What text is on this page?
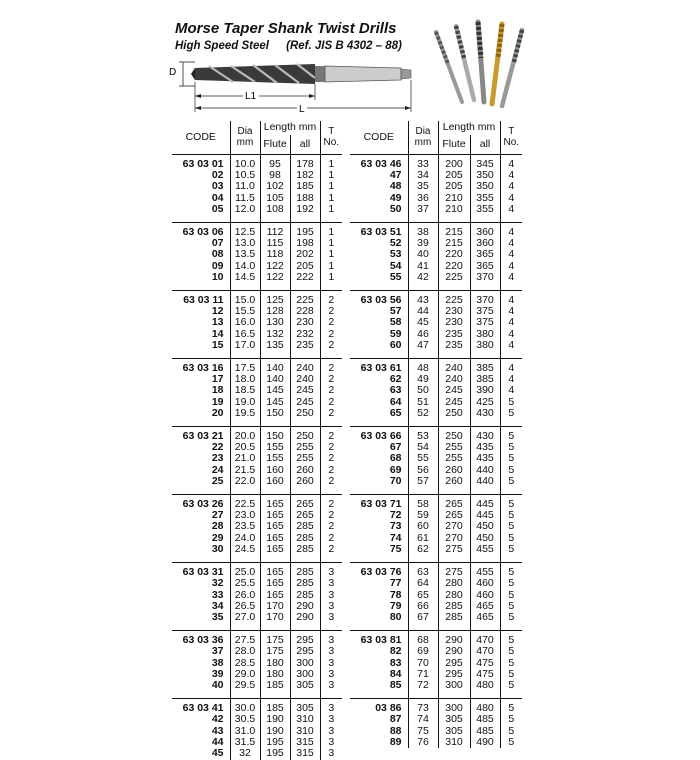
Morse Taper Shank Twist Drills
High Speed Steel (Ref. JIS B 4302 – 88)
D
L1
L
CODE	Dia mm	Length mm		T No.
		Flute	all	

63 03 01	10.0	95	178	1
02	10.5	98	182	1
03	11.0	102	185	1
04	11.5	105	188	1
05	12.0	108	192	1

63 03 06	12.5	112	195	1
07	13.0	115	198	1
08	13.5	118	202	1
09	14.0	122	205	1
10	14.5	122	222	1

63 03 11	15.0	125	225	2
12	15.5	128	228	2
13	16.0	130	230	2
14	16.5	132	232	2
15	17.0	135	235	2

63 03 16	17.5	140	240	2
17	18.0	140	240	2
18	18.5	145	245	2
19	19.0	145	245	2
20	19.5	150	250	2

63 03 21	20.0	150	250	2
22	20.5	155	255	2
23	21.0	155	255	2
24	21.5	160	260	2
25	22.0	160	260	2

63 03 26	22.5	165	265	2
27	23.0	165	265	2
28	23.5	165	285	2
29	24.0	165	285	2
30	24.5	165	285	2

63 03 31	25.0	165	285	3
32	25.5	165	285	3
33	26.0	165	285	3
34	26.5	170	290	3
35	27.0	170	290	3

63 03 36	27.5	175	295	3
37	28.0	175	295	3
38	28.5	180	300	3
39	29.0	180	300	3
40	29.5	185	305	3

63 03 41	30.0	185	305	3
42	30.5	190	310	3
43	31.0	190	310	3
44	31.5	195	315	3
45	32	195	315	3
CODE	Dia mm	Length mm		T No.
		Flute	all	

63 03 46	33	200	345	4
47	34	205	350	4
48	35	205	350	4
49	36	210	355	4
50	37	210	355	4

63 03 51	38	215	360	4
52	39	215	360	4
53	40	220	365	4
54	41	220	365	4
55	42	225	370	4

63 03 56	43	225	370	4
57	44	230	375	4
58	45	230	375	4
59	46	235	380	4
60	47	235	380	4

63 03 61	48	240	385	4
62	49	240	385	4
63	50	245	390	4
64	51	245	425	5
65	52	250	430	5

63 03 66	53	250	430	5
67	54	255	435	5
68	55	255	435	5
69	56	260	440	5
70	57	260	440	5

63 03 71	58	265	445	5
72	59	265	445	5
73	60	270	450	5
74	61	270	450	5
75	62	275	455	5

63 03 76	63	275	455	5
77	64	280	460	5
78	65	280	460	5
79	66	285	465	5
80	67	285	465	5

63 03 81	68	290	470	5
82	69	290	470	5
83	70	295	475	5
84	71	295	475	5
85	72	300	480	5

03 86	73	300	480	5
87	74	305	485	5
88	75	305	485	5
89	76	310	490	5
